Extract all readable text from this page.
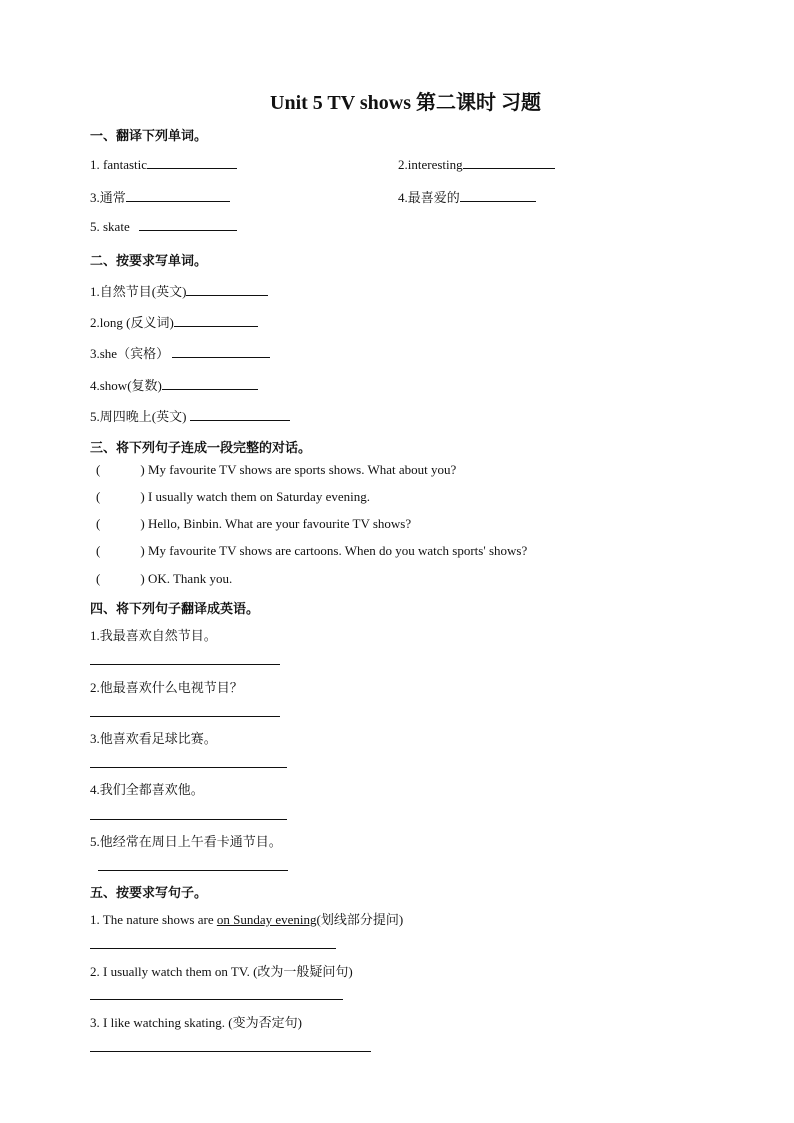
Unit 5 TV shows 第二课时 习题
一、翻译下列单词。
1. fantastic	2.interesting
3.通常	4.最喜爱的
5. skate
二、按要求写单词。
1.自然节目(英文)
2.long (反义词)
3.she（宾格）
4.show(复数)
5.周四晚上(英文)
三、将下列句子连成一段完整的对话。
(	) My favourite TV shows are sports shows. What about you?
(	) I usually watch them on Saturday evening.
(	) Hello, Binbin. What are your favourite TV shows?
(	) My favourite TV shows are cartoons. When do you watch sports' shows?
(	) OK. Thank you.
四、将下列句子翻译成英语。
1.我最喜欢自然节目。
2.他最喜欢什么电视节目？
3.他喜欢看足球比赛。
4.我们全都喜欢他。
5.他经常在周日上午看卡通节目。
五、按要求写句子。
1. The nature shows are on Sunday evening(划线部分提问)
2. I usually watch them on TV. (改为一般疑问句)
3. I like watching skating. (变为否定句)
